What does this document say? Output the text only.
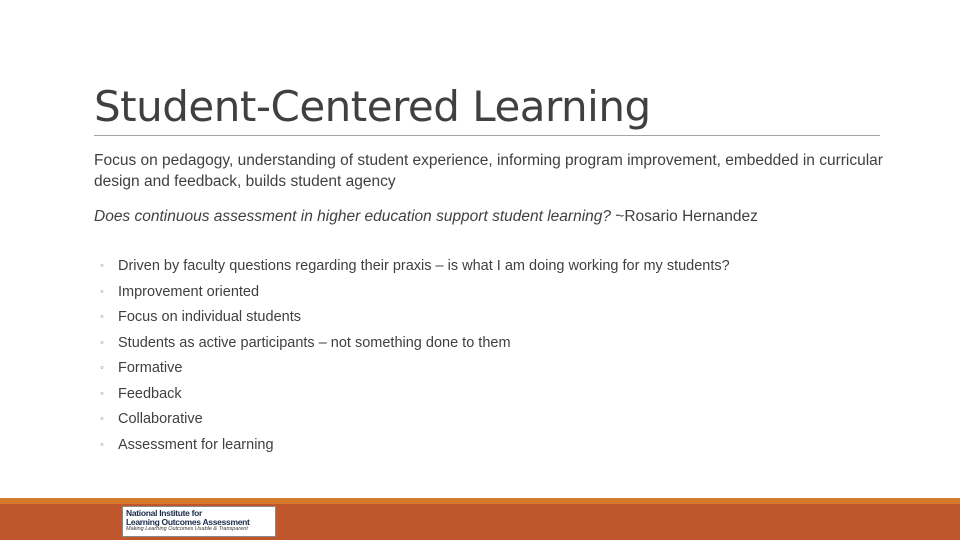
Student-Centered Learning
Focus on pedagogy, understanding of student experience, informing program improvement, embedded in curricular design and feedback, builds student agency
Does continuous assessment in higher education support student learning? ~Rosario Hernandez
◦ Driven by faculty questions regarding their praxis – is what I am doing working for my students?
◦ Improvement oriented
◦ Focus on individual students
◦ Students as active participants – not something done to them
◦ Formative
◦ Feedback
◦ Collaborative
◦ Assessment for learning
National Institute for
Learning Outcomes Assessment
Making Learning Outcomes Usable & Transparent
